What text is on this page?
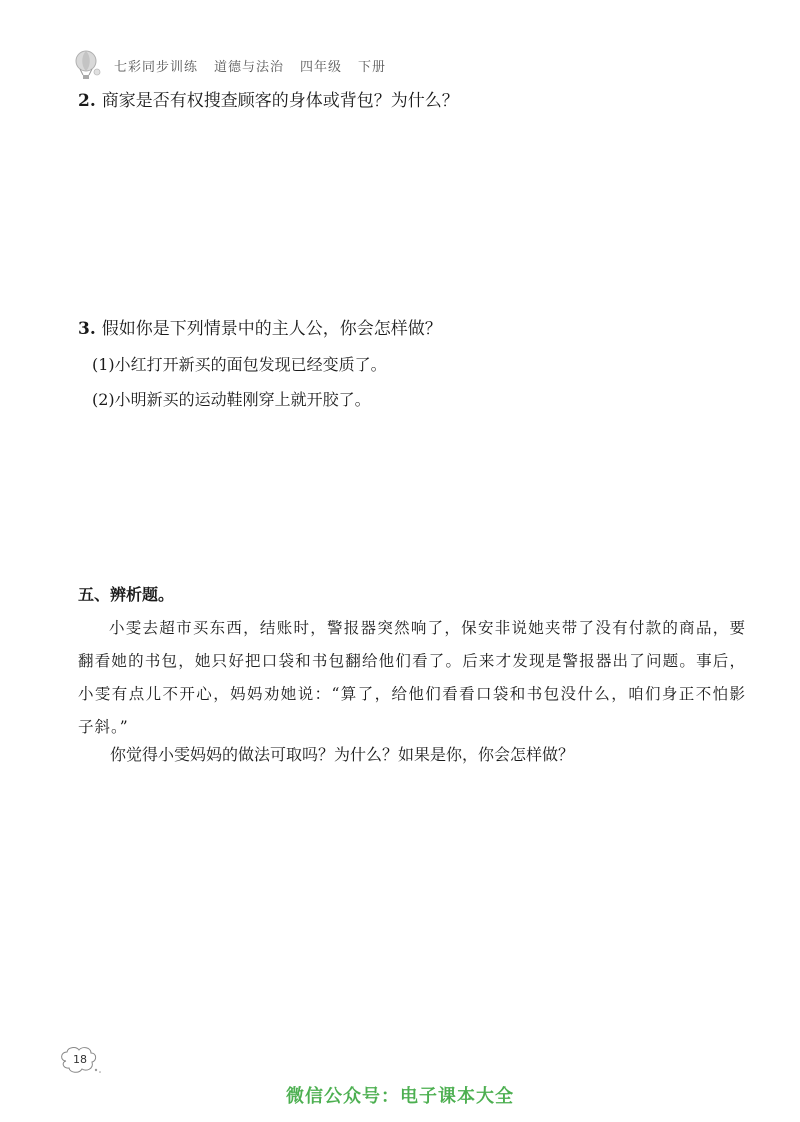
七彩同步训练 道德与法治 四年级 下册
2. 商家是否有权搜查顾客的身体或背包？为什么？
3. 假如你是下列情景中的主人公，你会怎样做？
(1)小红打开新买的面包发现已经变质了。
(2)小明新买的运动鞋刚穿上就开胶了。
五、辨析题。
小雯去超市买东西，结账时，警报器突然响了，保安非说她夹带了没有付款的商品，要翻看她的书包，她只好把口袋和书包翻给他们看了。后来才发现是警报器出了问题。事后，小雯有点儿不开心，妈妈劝她说：“算了，给他们看看口袋和书包没什么，咱们身正不怕影子斜。”
你觉得小雯妈妈的做法可取吗？为什么？如果是你，你会怎样做？
18
微信公众号：电子课本大全
